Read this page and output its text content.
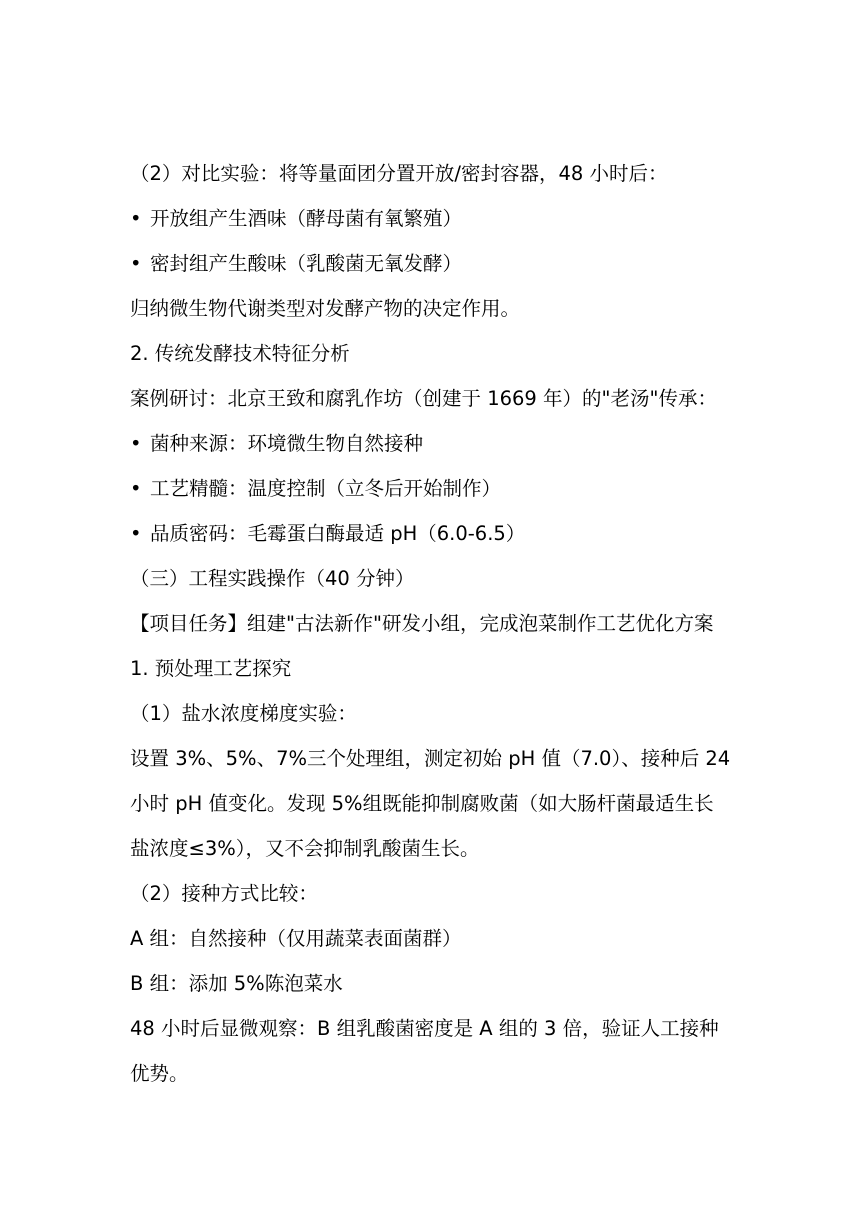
（2）对比实验：将等量面团分置开放/密封容器，48 小时后：
• 开放组产生酒味（酵母菌有氧繁殖）
• 密封组产生酸味（乳酸菌无氧发酵）
归纳微生物代谢类型对发酵产物的决定作用。
2. 传统发酵技术特征分析
案例研讨：北京王致和腐乳作坊（创建于 1669 年）的"老汤"传承：
• 菌种来源：环境微生物自然接种
• 工艺精髓：温度控制（立冬后开始制作）
• 品质密码：毛霉蛋白酶最适 pH（6.0-6.5）
（三）工程实践操作（40 分钟）
【项目任务】组建"古法新作"研发小组，完成泡菜制作工艺优化方案
1. 预处理工艺探究
（1）盐水浓度梯度实验：
设置 3%、5%、7%三个处理组，测定初始 pH 值（7.0）、接种后 24
小时 pH 值变化。发现 5%组既能抑制腐败菌（如大肠杆菌最适生长
盐浓度≤3%），又不会抑制乳酸菌生长。
（2）接种方式比较：
A 组：自然接种（仅用蔬菜表面菌群）
B 组：添加 5%陈泡菜水
48 小时后显微观察：B 组乳酸菌密度是 A 组的 3 倍，验证人工接种
优势。
